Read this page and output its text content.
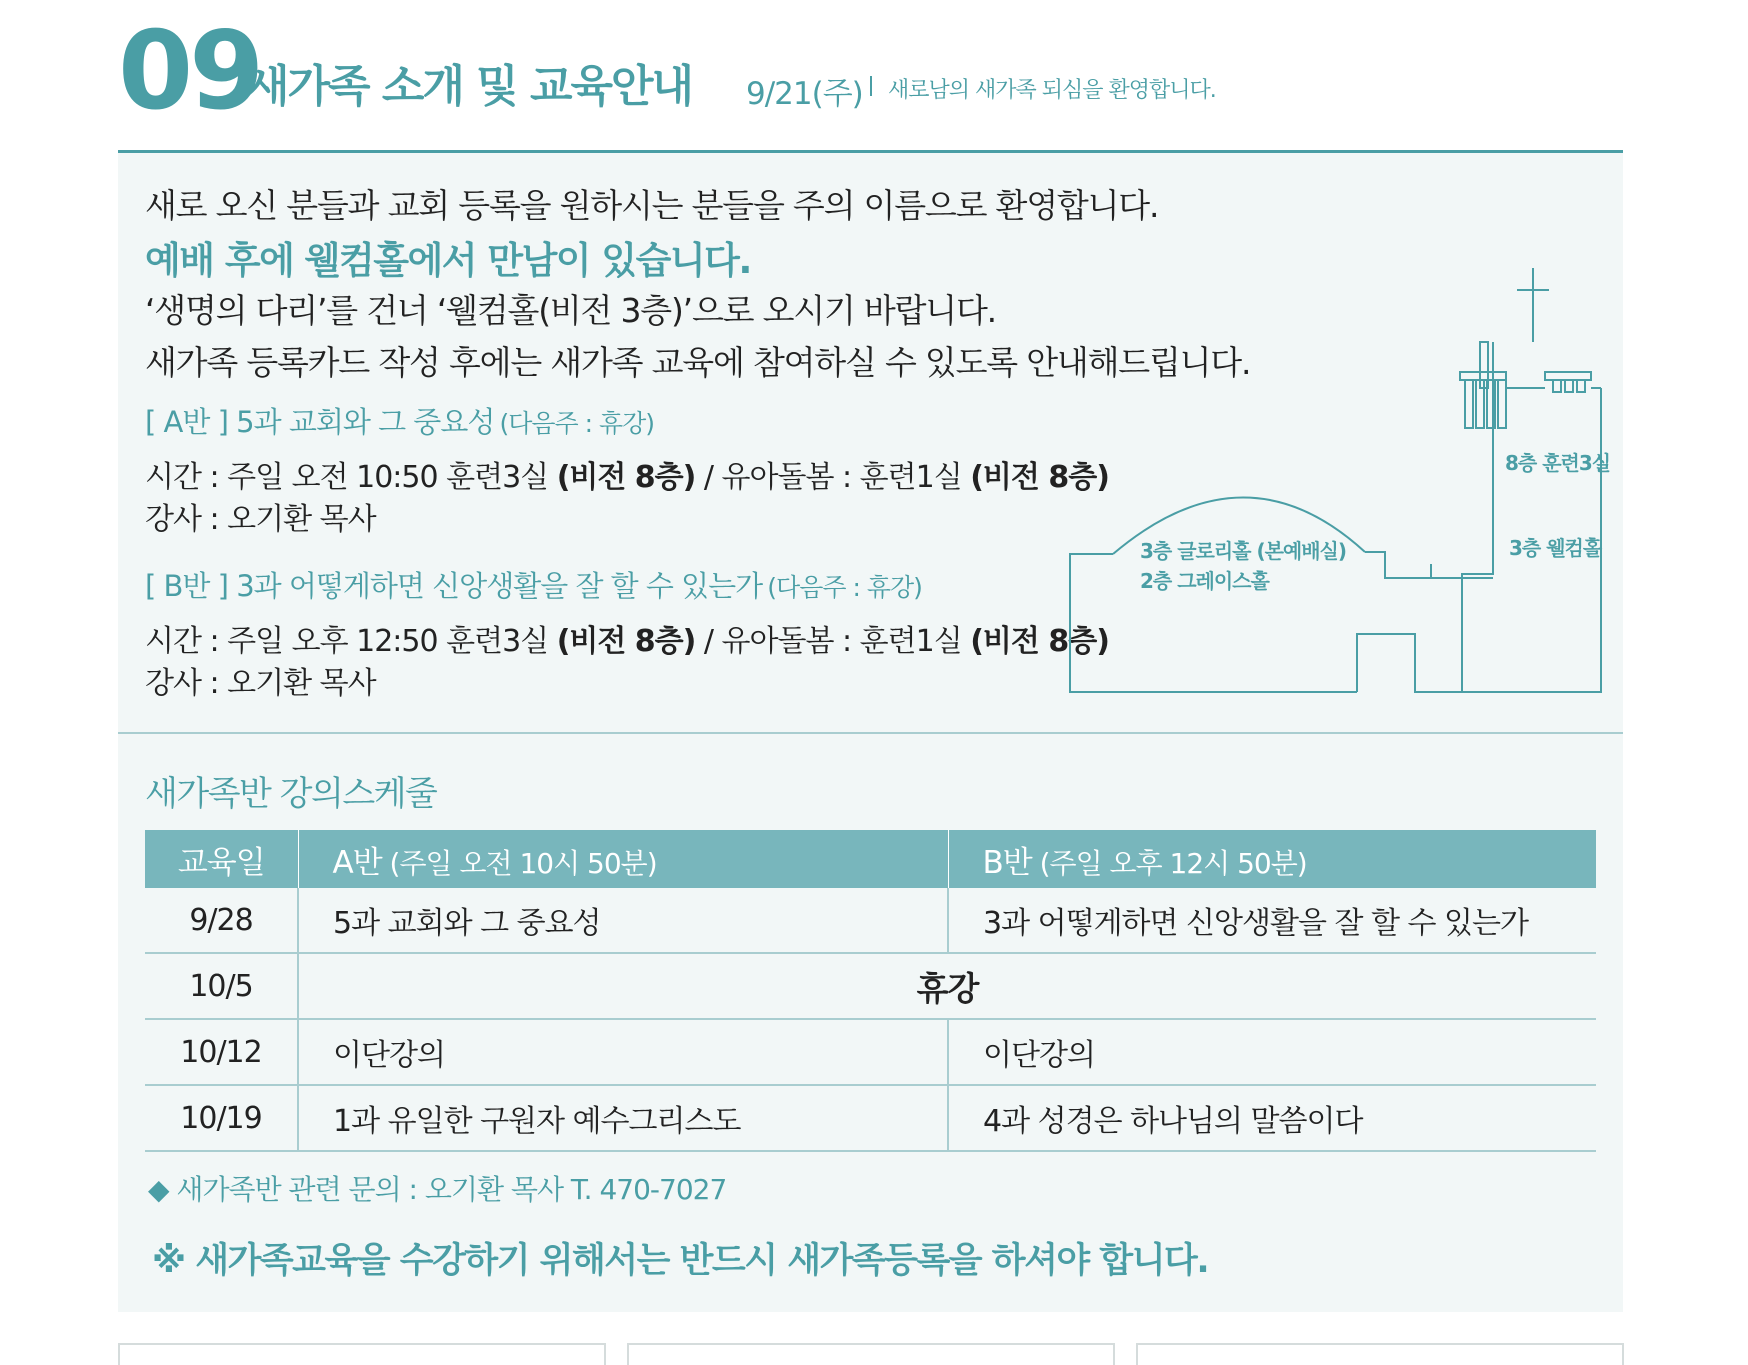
09
새가족 소개 및 교육안내 9/21(주) 새로남의 새가족 되심을 환영합니다.
새로 오신 분들과 교회 등록을 원하시는 분들을 주의 이름으로 환영합니다.
예배 후에 웰컴홀에서 만남이 있습니다.
‘생명의 다리’를 건너 ‘웰컴홀(비전 3층)’으로 오시기 바랍니다.
새가족 등록카드 작성 후에는 새가족 교육에 참여하실 수 있도록 안내해드립니다.
[ A반 ] 5과 교회와 그 중요성 (다음주 : 휴강)
시간 : 주일 오전 10:50 훈련3실 (비전 8층) / 유아돌봄 : 훈련1실 (비전 8층)
강사 : 오기환 목사
[ B반 ] 3과 어떻게하면 신앙생활을 잘 할 수 있는가 (다음주 : 휴강)
시간 : 주일 오후 12:50 훈련3실 (비전 8층) / 유아돌봄 : 훈련1실 (비전 8층)
강사 : 오기환 목사
8층 훈련3실
3층 웰컴홀
3층 글로리홀 (본예배실)
2층 그레이스홀
새가족반 강의스케줄
교육일	A반 (주일 오전 10시 50분)	B반 (주일 오후 12시 50분)
9/28	5과 교회와 그 중요성	3과 어떻게하면 신앙생활을 잘 할 수 있는가
10/5	휴강	
10/12	이단강의	이단강의
10/19	1과 유일한 구원자 예수그리스도	4과 성경은 하나님의 말씀이다
◆ 새가족반 관련 문의 : 오기환 목사 T. 470-7027
※ 새가족교육을 수강하기 위해서는 반드시 새가족등록을 하셔야 합니다.
